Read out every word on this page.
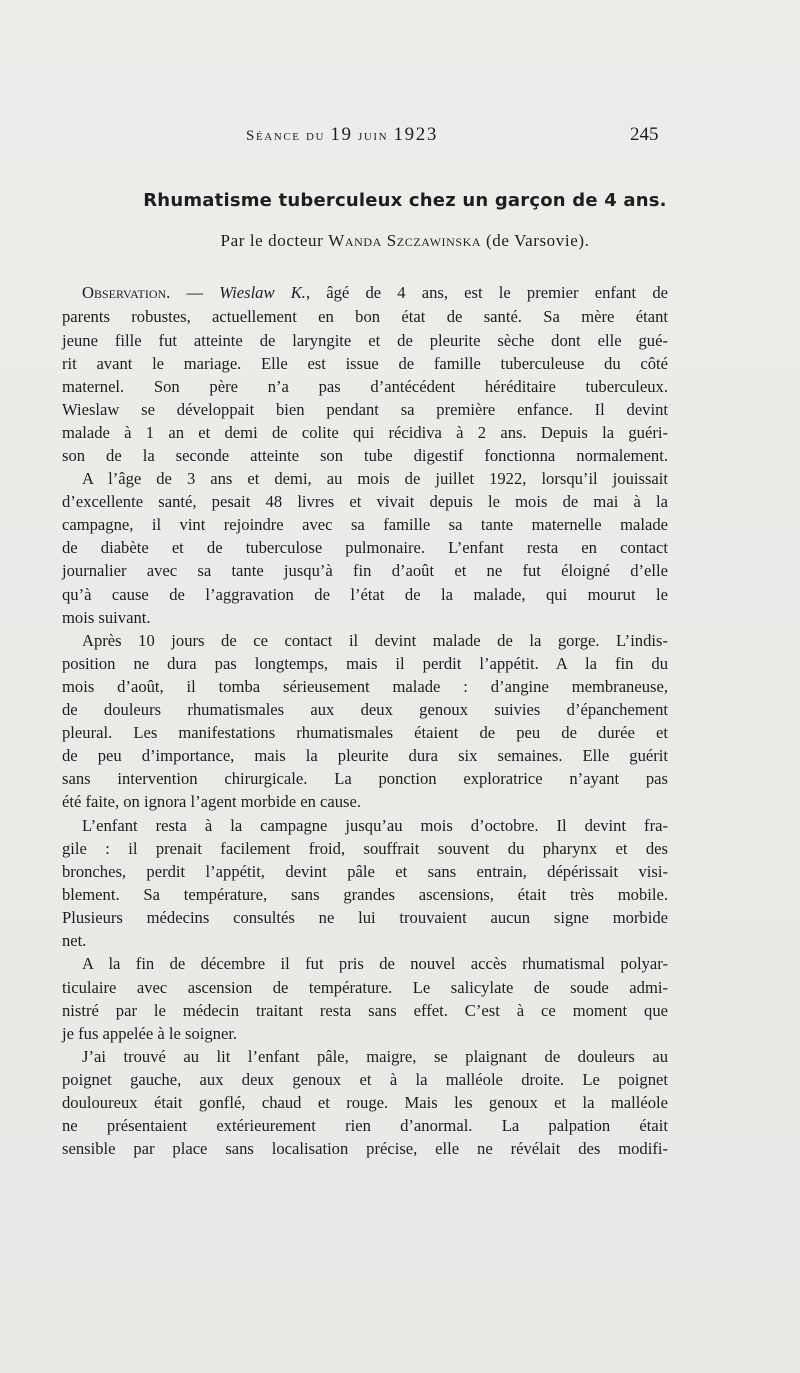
Séance du 19 juin 1923	245
Rhumatisme tuberculeux chez un garçon de 4 ans.
Par le docteur Wanda Szczawinska (de Varsovie).
Observation. — Wieslaw K., âgé de 4 ans, est le premier enfant de
parents robustes, actuellement en bon état de santé. Sa mère étant
jeune fille fut atteinte de laryngite et de pleurite sèche dont elle gué-
rit avant le mariage. Elle est issue de famille tuberculeuse du côté
maternel. Son père n’a pas d’antécédent héréditaire tuberculeux.
Wieslaw se développait bien pendant sa première enfance. Il devint
malade à 1 an et demi de colite qui récidiva à 2 ans. Depuis la guéri-
son de la seconde atteinte son tube digestif fonctionna normalement.
A l’âge de 3 ans et demi, au mois de juillet 1922, lorsqu’il jouissait
d’excellente santé, pesait 48 livres et vivait depuis le mois de mai à la
campagne, il vint rejoindre avec sa famille sa tante maternelle malade
de diabète et de tuberculose pulmonaire. L’enfant resta en contact
journalier avec sa tante jusqu’à fin d’août et ne fut éloigné d’elle
qu’à cause de l’aggravation de l’état de la malade, qui mourut le
mois suivant.
Après 10 jours de ce contact il devint malade de la gorge. L’indis-
position ne dura pas longtemps, mais il perdit l’appétit. A la fin du
mois d’août, il tomba sérieusement malade : d’angine membraneuse,
de douleurs rhumatismales aux deux genoux suivies d’épanchement
pleural. Les manifestations rhumatismales étaient de peu de durée et
de peu d’importance, mais la pleurite dura six semaines. Elle guérit
sans intervention chirurgicale. La ponction exploratrice n’ayant pas
été faite, on ignora l’agent morbide en cause.
L’enfant resta à la campagne jusqu’au mois d’octobre. Il devint fra-
gile : il prenait facilement froid, souffrait souvent du pharynx et des
bronches, perdit l’appétit, devint pâle et sans entrain, dépérissait visi-
blement. Sa température, sans grandes ascensions, était très mobile.
Plusieurs médecins consultés ne lui trouvaient aucun signe morbide
net.
A la fin de décembre il fut pris de nouvel accès rhumatismal polyar-
ticulaire avec ascension de température. Le salicylate de soude admi-
nistré par le médecin traitant resta sans effet. C’est à ce moment que
je fus appelée à le soigner.
J’ai trouvé au lit l’enfant pâle, maigre, se plaignant de douleurs au
poignet gauche, aux deux genoux et à la malléole droite. Le poignet
douloureux était gonflé, chaud et rouge. Mais les genoux et la malléole
ne présentaient extérieurement rien d’anormal. La palpation était
sensible par place sans localisation précise, elle ne révélait des modifi-
